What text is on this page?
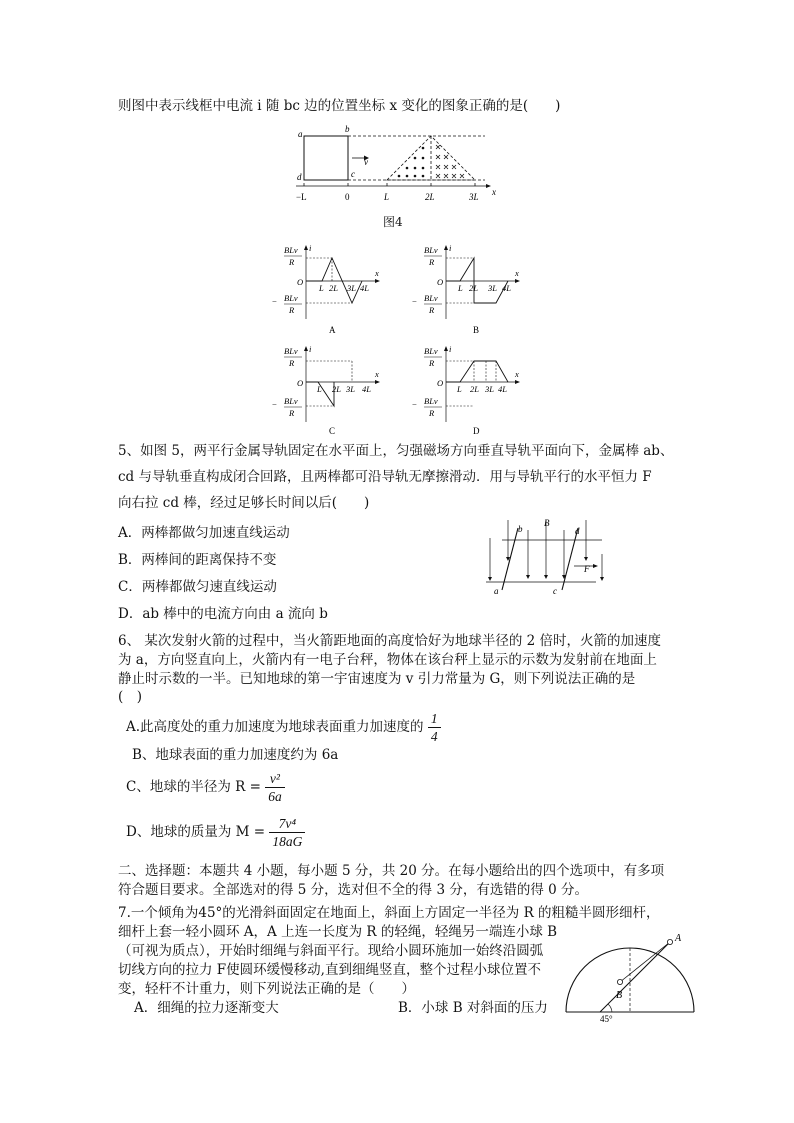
则图中表示线框中电流 i 随 bc 边的位置坐标 x 变化的图象正确的是(　　)
a	b
c
d
v
−L	0	L	2L	3L x
图4
BLv
R
− BLv
R
i
x
O
L 2L 3L 4L
A
BLv
R
− BLv
R
i
x
O
L 2L 3L 4L
B
BLv
R
− BLv
R
i
x
O
L 2L 3L 4L
C
BLv
R
− BLv
R
i
x
O
L 2L 3L 4L
D
5、如图 5，两平行金属导轨固定在水平面上，匀强磁场方向垂直导轨平面向下，金属棒 ab、
cd 与导轨垂直构成闭合回路，且两棒都可沿导轨无摩擦滑动．用与导轨平行的水平恒力 F
向右拉 cd 棒，经过足够长时间以后(　　)
A．两棒都做匀加速直线运动
B．两棒间的距离保持不变
C．两棒都做匀速直线运动
D．ab 棒中的电流方向由 a 流向 b
b
B
d
F
a	c
6、 某次发射火箭的过程中，当火箭距地面的高度恰好为地球半径的 2 倍时，火箭的加速度
为 a，方向竖直向上，火箭内有一电子台秤，物体在该台秤上显示的示数为发射前在地面上
静止时示数的一半。已知地球的第一宇宙速度为 v 引力常量为 G，则下列说法正确的是
(　)
A.此高度处的重力加速度为地球表面重力加速度的 $\frac{1}{4}$
B、地球表面的重力加速度约为 6a
C、地球的半径为 $R = \frac{\text{v²}}{6a}$
D、地球的质量为 $M = \frac{\text{7v⁴}}{18aG}$
二、选择题：本题共 4 小题，每小题 5 分，共 20 分。在每小题给出的四个选项中，有多项
符合题目要求。全部选对的得 5 分，选对但不全的得 3 分，有选错的得 0 分。
7.一个倾角为45°的光滑斜面固定在地面上，斜面上方固定一半径为 R 的粗糙半圆形细杆，
细杆上套一轻小圆环 A，A 上连一长度为 R 的轻绳，轻绳另一端连小球 B
（可视为质点），开始时细绳与斜面平行。现给小圆环施加一始终沿圆弧
切线方向的拉力 F使圆环缓慢移动,直到细绳竖直，整个过程小球位置不
变，轻杆不计重力，则下列说法正确的是（　　）
A．细绳的拉力逐渐变大	B．小球 B 对斜面的压力
A
B
45°
